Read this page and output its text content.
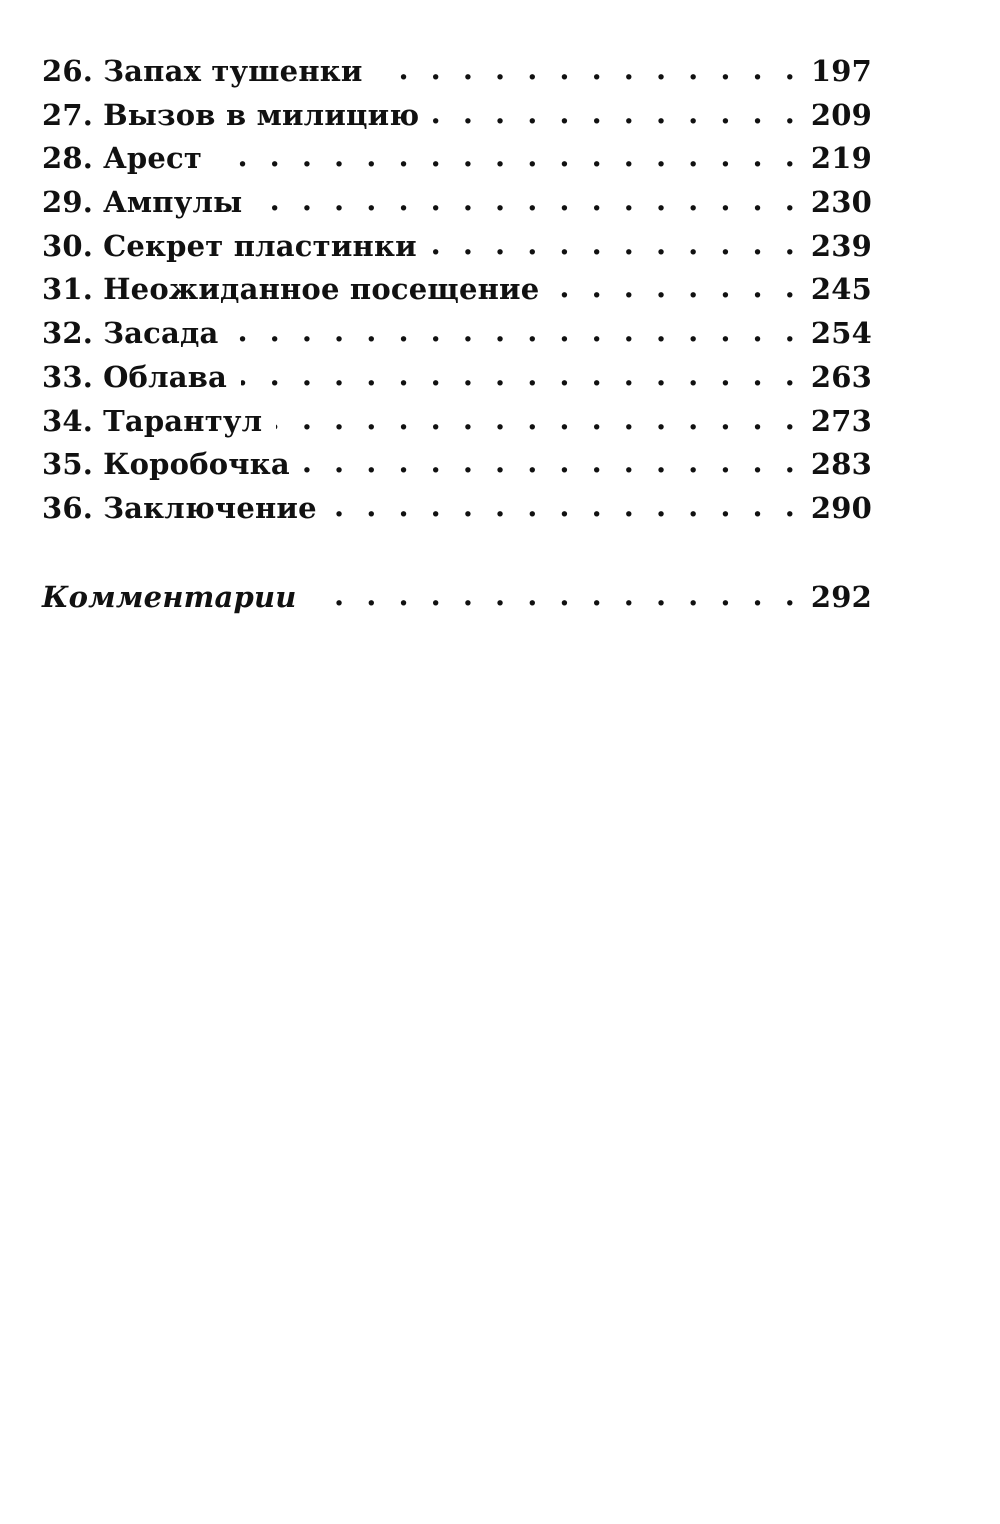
26. Запах тушенки . . .	197
27. Вызов в милицию . . .	209
28. Арест . . .	219
29. Ампулы . . .	230
30. Секрет пластинки . . .	239
31. Неожиданное посещение . . .	245
32. Засада . . .	254
33. Облава . . .	263
34. Тарантул . . .	273
35. Коробочка . . .	283
36. Заключение . . .	290
Комментарии . . .	292
